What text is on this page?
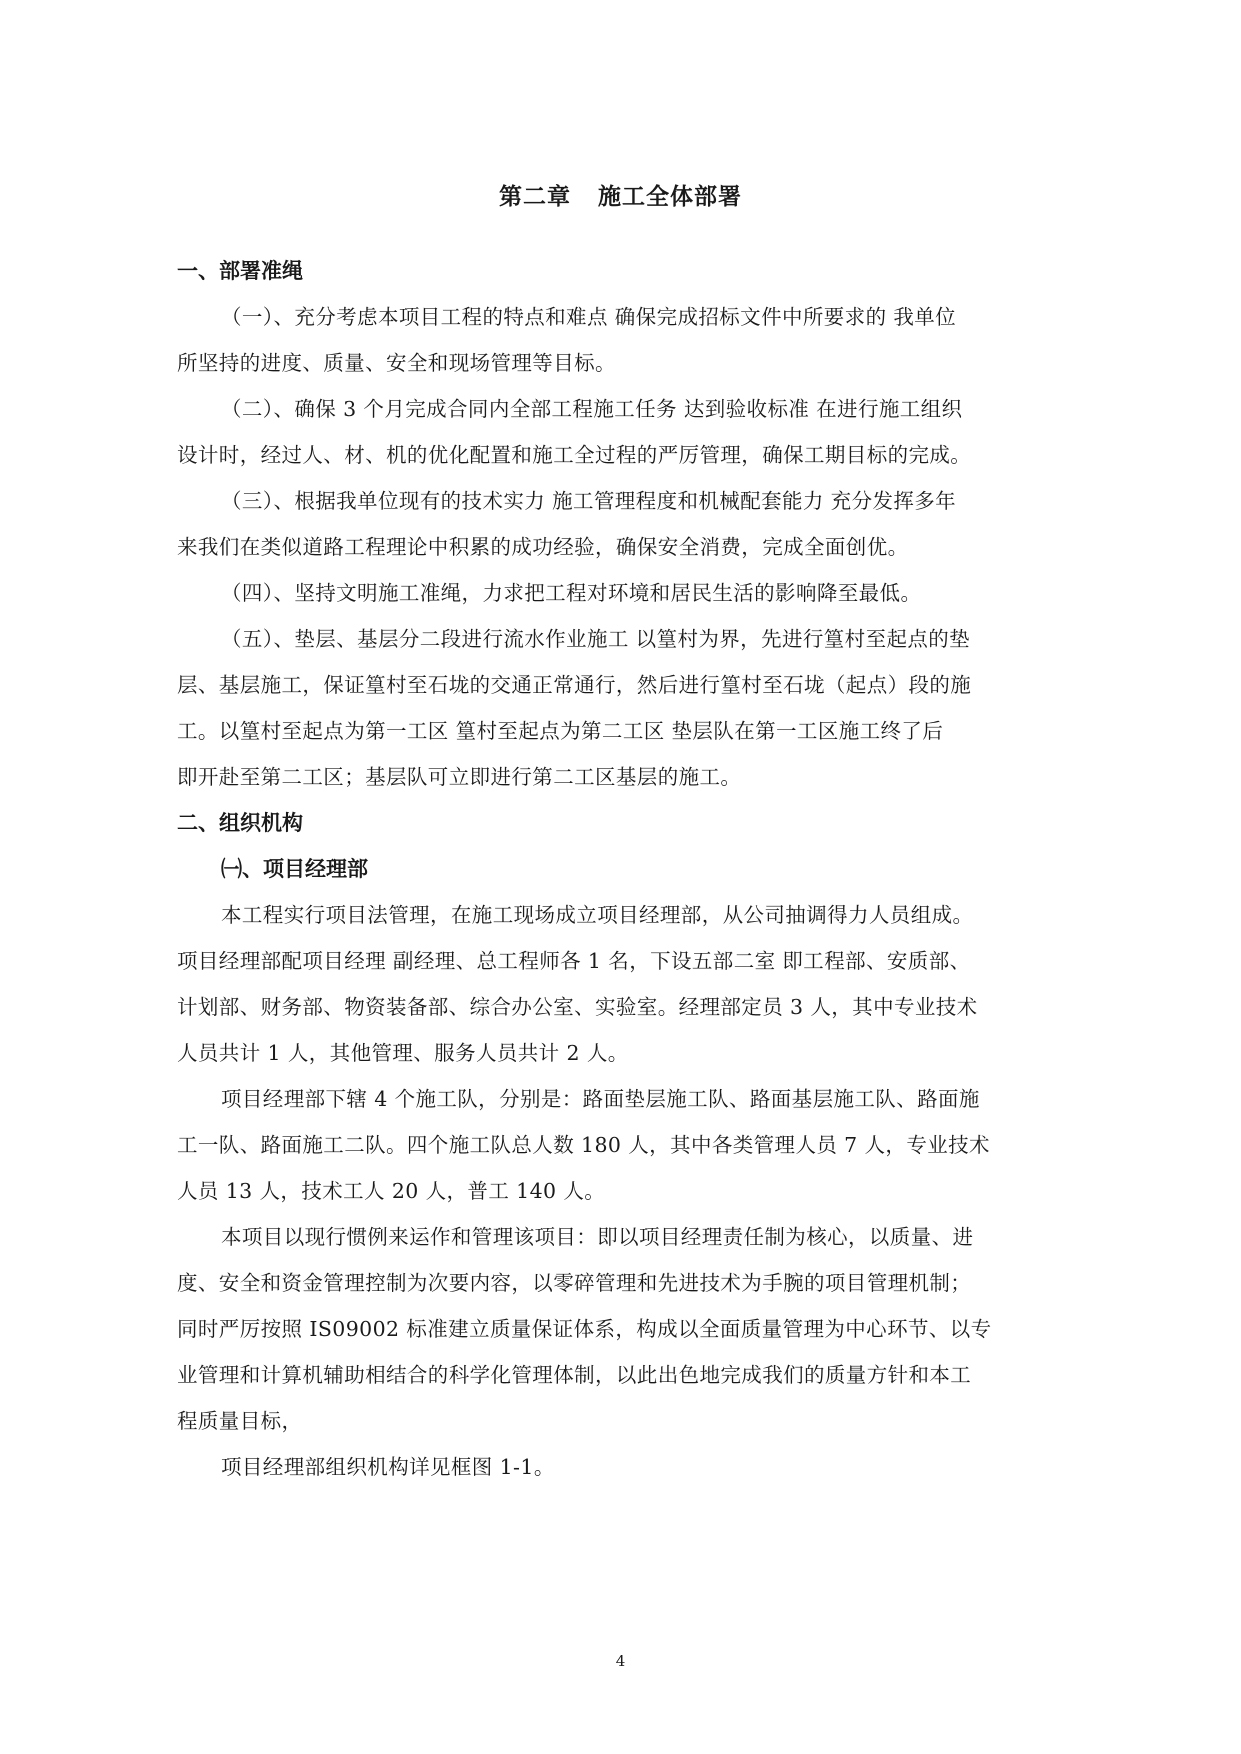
第二章   施工全体部署
一、部署准绳
（一）、充分考虑本项目工程的特点和难点 确保完成招标文件中所要求的 我单位
所坚持的进度、质量、安全和现场管理等目标。
（二）、确保 3 个月完成合同内全部工程施工任务 达到验收标准 在进行施工组织
设计时，经过人、材、机的优化配置和施工全过程的严厉管理，确保工期目标的完成。
（三）、根据我单位现有的技术实力 施工管理程度和机械配套能力 充分发挥多年
来我们在类似道路工程理论中积累的成功经验，确保安全消费，完成全面创优。
（四）、坚持文明施工准绳，力求把工程对环境和居民生活的影响降至最低。
（五）、垫层、基层分二段进行流水作业施工 以篁村为界，先进行篁村至起点的垫
层、基层施工，保证篁村至石垅的交通正常通行，然后进行篁村至石垅（起点）段的施
工。以篁村至起点为第一工区 篁村至起点为第二工区 垫层队在第一工区施工终了后
即开赴至第二工区；基层队可立即进行第二工区基层的施工。
二、组织机构
㈠、项目经理部
本工程实行项目法管理，在施工现场成立项目经理部，从公司抽调得力人员组成。
项目经理部配项目经理 副经理、总工程师各 1 名，下设五部二室 即工程部、安质部、
计划部、财务部、物资装备部、综合办公室、实验室。经理部定员 3 人，其中专业技术
人员共计 1 人，其他管理、服务人员共计 2 人。
项目经理部下辖 4 个施工队，分别是：路面垫层施工队、路面基层施工队、路面施
工一队、路面施工二队。四个施工队总人数 180 人，其中各类管理人员 7 人，专业技术
人员 13 人，技术工人 20 人，普工 140 人。
本项目以现行惯例来运作和管理该项目：即以项目经理责任制为核心，以质量、进
度、安全和资金管理控制为次要内容，以零碎管理和先进技术为手腕的项目管理机制；
同时严厉按照 IS09002 标准建立质量保证体系，构成以全面质量管理为中心环节、以专
业管理和计算机辅助相结合的科学化管理体制，以此出色地完成我们的质量方针和本工
程质量目标，
项目经理部组织机构详见框图 1-1。
4
